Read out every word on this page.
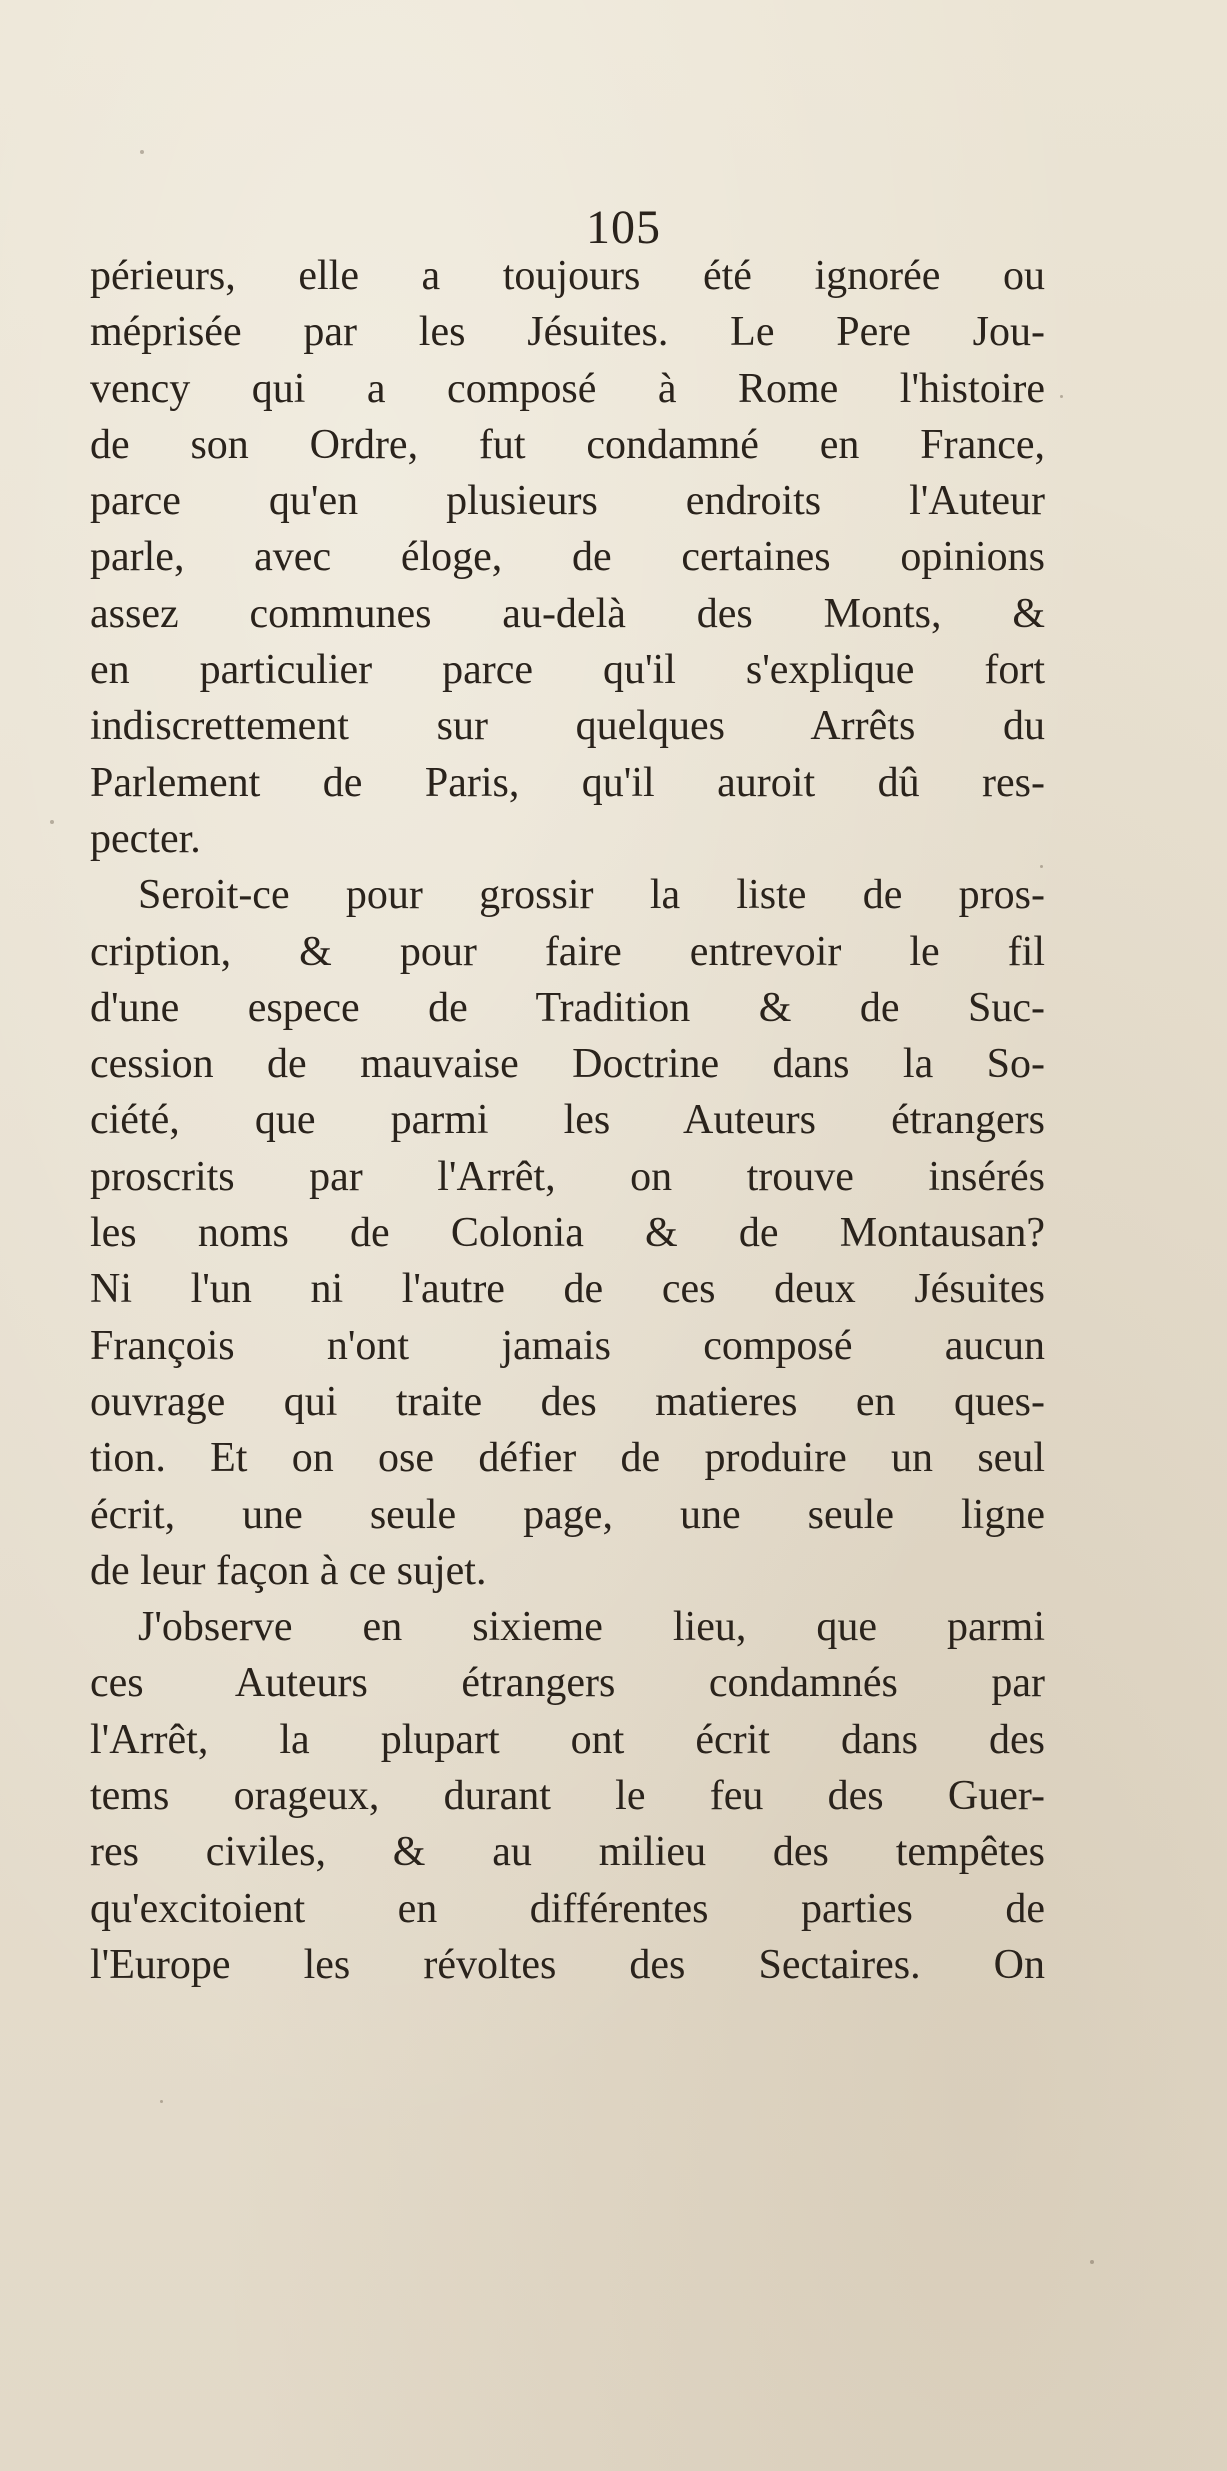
105
périeurs, elle a toujours été ignorée ou
méprisée par les Jésuites. Le Pere Jou-
vency qui a composé à Rome l'histoire
de son Ordre, fut condamné en France,
parce qu'en plusieurs endroits l'Auteur
parle, avec éloge, de certaines opinions
assez communes au-delà des Monts, &
en particulier parce qu'il s'explique fort
indiscrettement sur quelques Arrêts du
Parlement de Paris, qu'il auroit dû res-
pecter.
Seroit-ce pour grossir la liste de pros-
cription, & pour faire entrevoir le fil
d'une espece de Tradition & de Suc-
cession de mauvaise Doctrine dans la So-
ciété, que parmi les Auteurs étrangers
proscrits par l'Arrêt, on trouve insérés
les noms de Colonia & de Montausan?
Ni l'un ni l'autre de ces deux Jésuites
François n'ont jamais composé aucun
ouvrage qui traite des matieres en ques-
tion. Et on ose défier de produire un seul
écrit, une seule page, une seule ligne
de leur façon à ce sujet.
J'observe en sixieme lieu, que parmi
ces Auteurs étrangers condamnés par
l'Arrêt, la plupart ont écrit dans des
tems orageux, durant le feu des Guer-
res civiles, & au milieu des tempêtes
qu'excitoient en différentes parties de
l'Europe les révoltes des Sectaires. On
